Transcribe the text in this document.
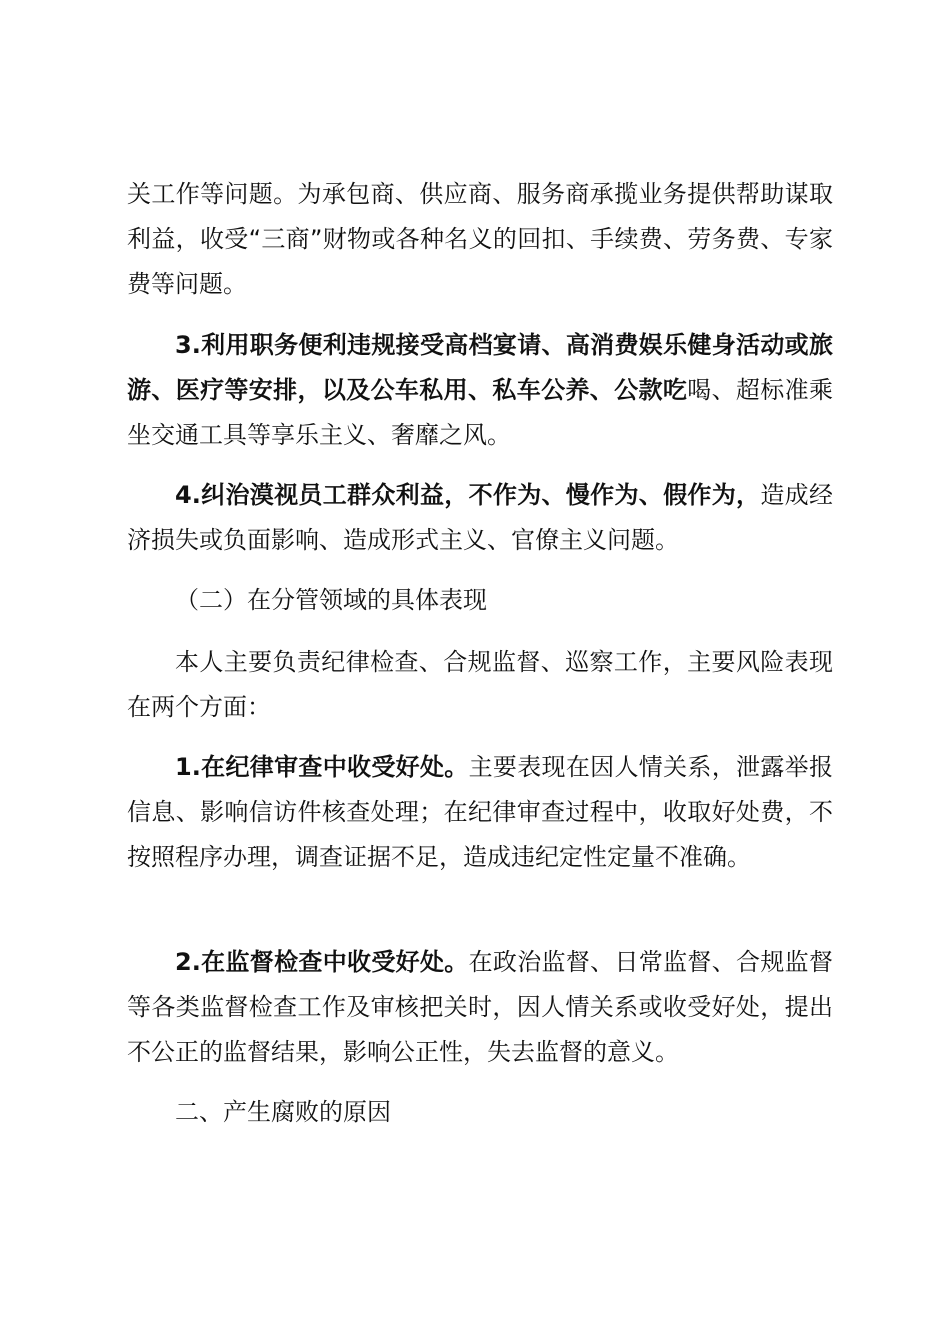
关工作等问题。为承包商、供应商、服务商承揽业务提供帮助谋取利益，收受“三商”财物或各种名义的回扣、手续费、劳务费、专家费等问题。

3.利用职务便利违规接受高档宴请、高消费娱乐健身活动或旅游、医疗等安排，以及公车私用、私车公养、公款吃喝、超标准乘坐交通工具等享乐主义、奢靡之风。

4.纠治漠视员工群众利益，不作为、慢作为、假作为，造成经济损失或负面影响、造成形式主义、官僚主义问题。

（二）在分管领域的具体表现

本人主要负责纪律检查、合规监督、巡察工作，主要风险表现在两个方面：

1.在纪律审查中收受好处。主要表现在因人情关系，泄露举报信息、影响信访件核查处理；在纪律审查过程中，收取好处费，不按照程序办理，调查证据不足，造成违纪定性定量不准确。

2.在监督检查中收受好处。在政治监督、日常监督、合规监督等各类监督检查工作及审核把关时，因人情关系或收受好处，提出不公正的监督结果，影响公正性，失去监督的意义。

二、产生腐败的原因
